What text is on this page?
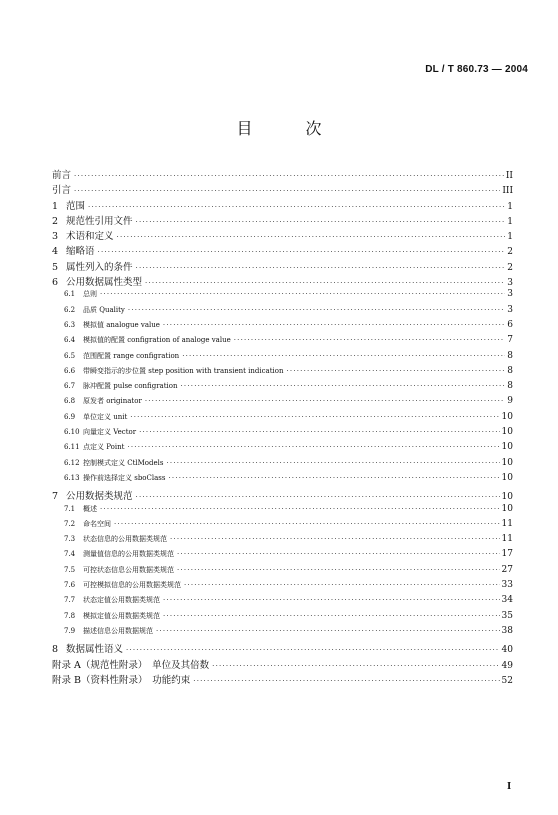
DL / T 860.73 — 2004
目 次
前言 ·····	II
引言 ·····	III
1 范围 ·····	1
2 规范性引用文件 ·····	1
3 术语和定义 ·····	1
4 缩略语 ·····	2
5 属性列入的条件 ·····	2
6 公用数据属性类型 ·····	3
6.1	总则 ·····	3
6.2	品质 Quality ·····	3
6.3	模拟值 analogue value ·····	6
6.4	模拟值的配置 configration of analoge value ·····	7
6.5	范围配置 range configration ·····	8
6.6	带瞬变指示的步位置 step position with transient indication ·····	8
6.7	脉冲配置 pulse configration ·····	8
6.8	原发者 originator ·····	9
6.9	单位定义 unit ·····	10
6.10 向量定义 Vector ·····	10
6.11 点定义 Point ·····	10
6.12 控制模式定义 CtlModels ·····	10
6.13 操作前选择定义 sboClass ·····	10
7 公用数据类规范 ·····	10
7.1	概述 ·····	10
7.2	命名空间 ·····	11
7.3	状态信息的公用数据类规范 ·····	11
7.4	测量值信息的公用数据类规范 ·····	17
7.5	可控状态信息公用数据类规范 ·····	27
7.6	可控模拟信息的公用数据类规范 ·····	33
7.7	状态定值公用数据类规范 ·····	34
7.8	模拟定值公用数据类规范 ·····	35
7.9	描述信息公用数据规范 ·····	38
8 数据属性语义 ·····	40
附录 A（规范性附录）　单位及其倍数 ·····	49
附录 B（资料性附录）　功能约束 ·····	52
I
